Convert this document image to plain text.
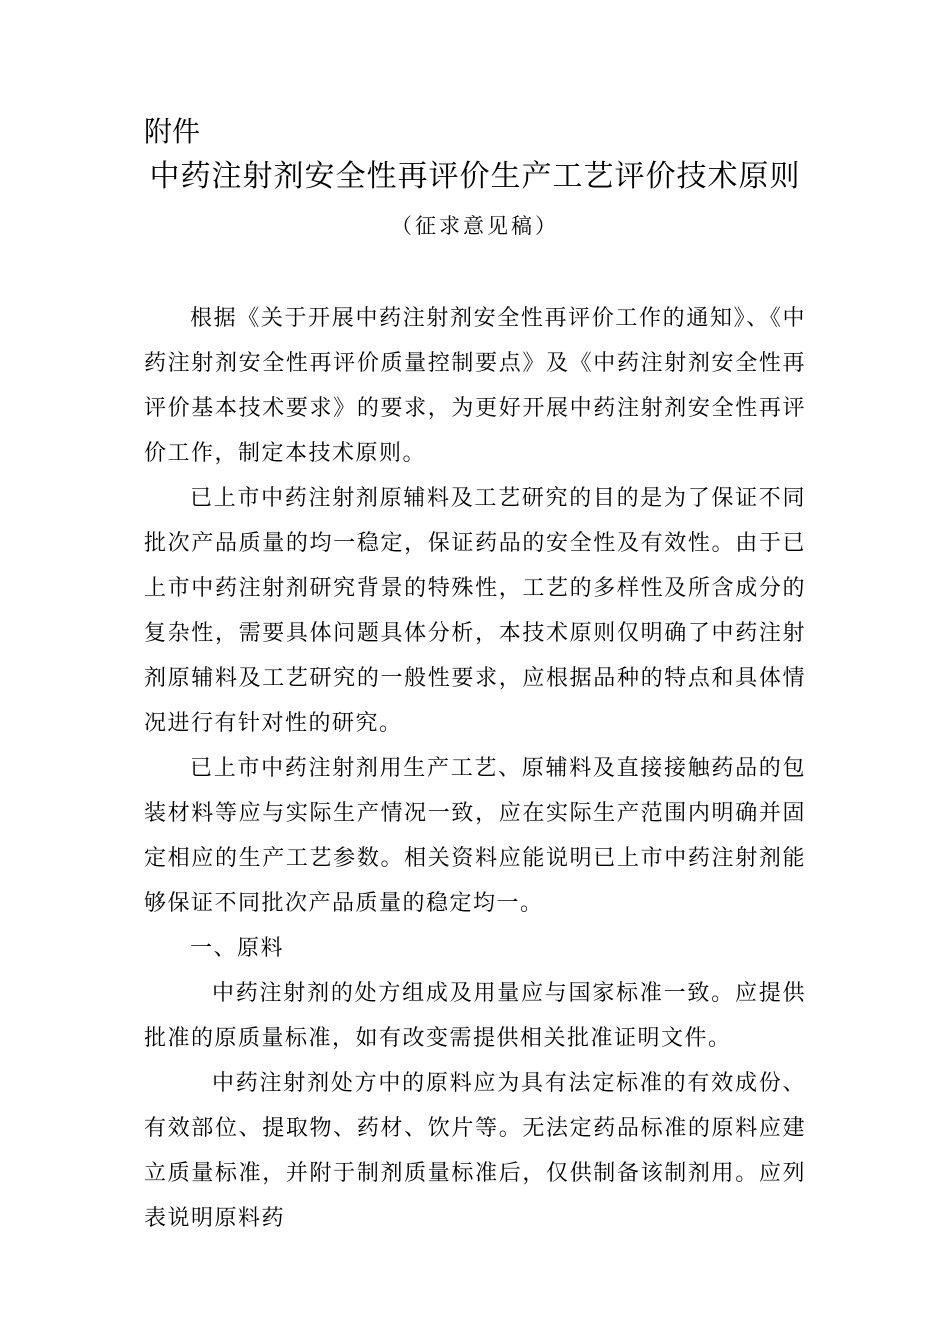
附件
中药注射剂安全性再评价生产工艺评价技术原则
（征求意见稿）

根据《关于开展中药注射剂安全性再评价工作的通知》、《中药注射剂安全性再评价质量控制要点》及《中药注射剂安全性再评价基本技术要求》的要求，为更好开展中药注射剂安全性再评价工作，制定本技术原则。

已上市中药注射剂原辅料及工艺研究的目的是为了保证不同批次产品质量的均一稳定，保证药品的安全性及有效性。由于已上市中药注射剂研究背景的特殊性，工艺的多样性及所含成分的复杂性，需要具体问题具体分析，本技术原则仅明确了中药注射剂原辅料及工艺研究的一般性要求，应根据品种的特点和具体情况进行有针对性的研究。

已上市中药注射剂用生产工艺、原辅料及直接接触药品的包装材料等应与实际生产情况一致，应在实际生产范围内明确并固定相应的生产工艺参数。相关资料应能说明已上市中药注射剂能够保证不同批次产品质量的稳定均一。

一、原料

中药注射剂的处方组成及用量应与国家标准一致。应提供批准的原质量标准，如有改变需提供相关批准证明文件。

中药注射剂处方中的原料应为具有法定标准的有效成份、有效部位、提取物、药材、饮片等。无法定药品标准的原料应建立质量标准，并附于制剂质量标准后，仅供制备该制剂用。应列表说明原料药
